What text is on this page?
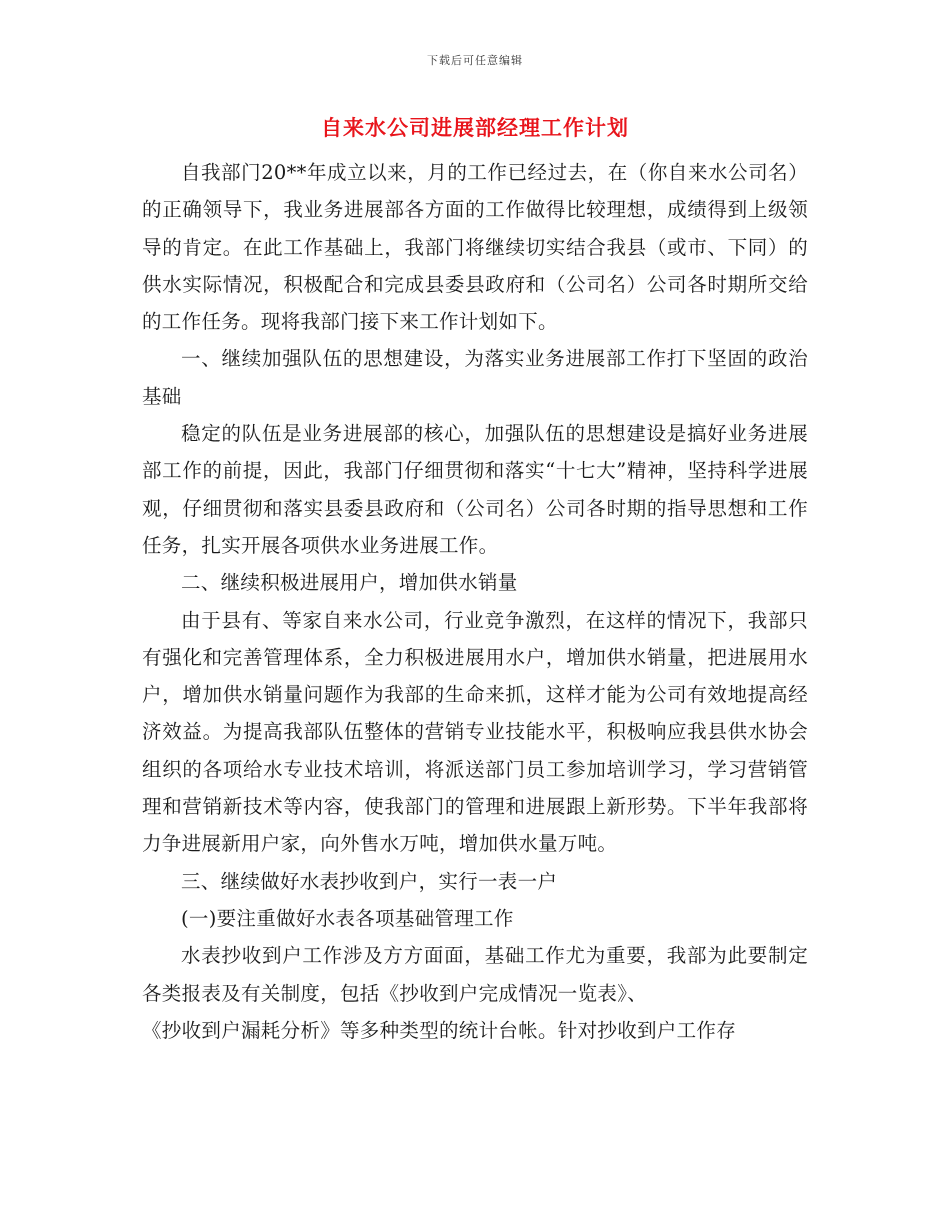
下载后可任意编辑
自来水公司进展部经理工作计划

自我部门20**年成立以来，月的工作已经过去，在（你自来水公司名）的正确领导下，我业务进展部各方面的工作做得比较理想，成绩得到上级领导的肯定。在此工作基础上，我部门将继续切实结合我县（或市、下同）的供水实际情况，积极配合和完成县委县政府和（公司名）公司各时期所交给的工作任务。现将我部门接下来工作计划如下。

一、继续加强队伍的思想建设，为落实业务进展部工作打下坚固的政治基础

稳定的队伍是业务进展部的核心，加强队伍的思想建设是搞好业务进展部工作的前提，因此，我部门仔细贯彻和落实“十七大”精神，坚持科学进展观，仔细贯彻和落实县委县政府和（公司名）公司各时期的指导思想和工作任务，扎实开展各项供水业务进展工作。

二、继续积极进展用户，增加供水销量

由于县有、等家自来水公司，行业竞争激烈，在这样的情况下，我部只有强化和完善管理体系，全力积极进展用水户，增加供水销量，把进展用水户，增加供水销量问题作为我部的生命来抓，这样才能为公司有效地提高经济效益。为提高我部队伍整体的营销专业技能水平，积极响应我县供水协会组织的各项给水专业技术培训，将派送部门员工参加培训学习，学习营销管理和营销新技术等内容，使我部门的管理和进展跟上新形势。下半年我部将力争进展新用户家，向外售水万吨，增加供水量万吨。

三、继续做好水表抄收到户，实行一表一户

(一)要注重做好水表各项基础管理工作

水表抄收到户工作涉及方方面面，基础工作尤为重要，我部为此要制定各类报表及有关制度，包括《抄收到户完成情况一览表》、

《抄收到户漏耗分析》等多种类型的统计台帐。针对抄收到户工作存
